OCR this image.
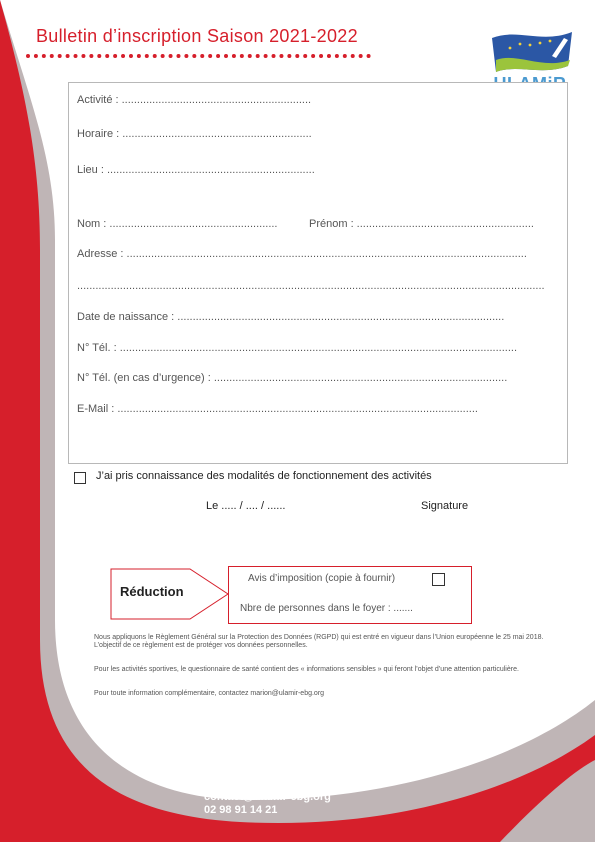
Bulletin d’inscription Saison 2021-2022
Activité : ..............................................................
Horaire : ..............................................................
Lieu : ....................................................................
Nom : .......................................................	Prénom : ..........................................................
Adresse : ...................................................................................................................................
.........................................................................................................................................................
Date de naissance : ...........................................................................................................
N° Tél. : ..................................................................................................................................
N° Tél. (en cas d’urgence) : ................................................................................................
E-Mail : ......................................................................................................................
J’ai pris connaissance des modalités de fonctionnement des activités
Le ..... / .... / ......	Signature
Réduction
Avis d’imposition (copie à fournir)
Nbre de personnes dans le foyer : .......
Nous appliquons le Règlement Général sur la Protection des Données (RGPD) qui est entré en vigueur dans l’Union européenne le 25 mai 2018. L’objectif de ce règlement est de protéger vos données personnelles.
Pour les activités sportives, le questionnaire de santé contient des « informations sensibles » qui feront l’objet d’une attention particulière.
Pour toute information complémentaire, contactez marion@ulamir-ebg.org
ULAMiR Centre Social e Bro Glazik
33, rue Laennec
29710 Plonéis
contact@ulamir-ebg.org
02 98 91 14 21
